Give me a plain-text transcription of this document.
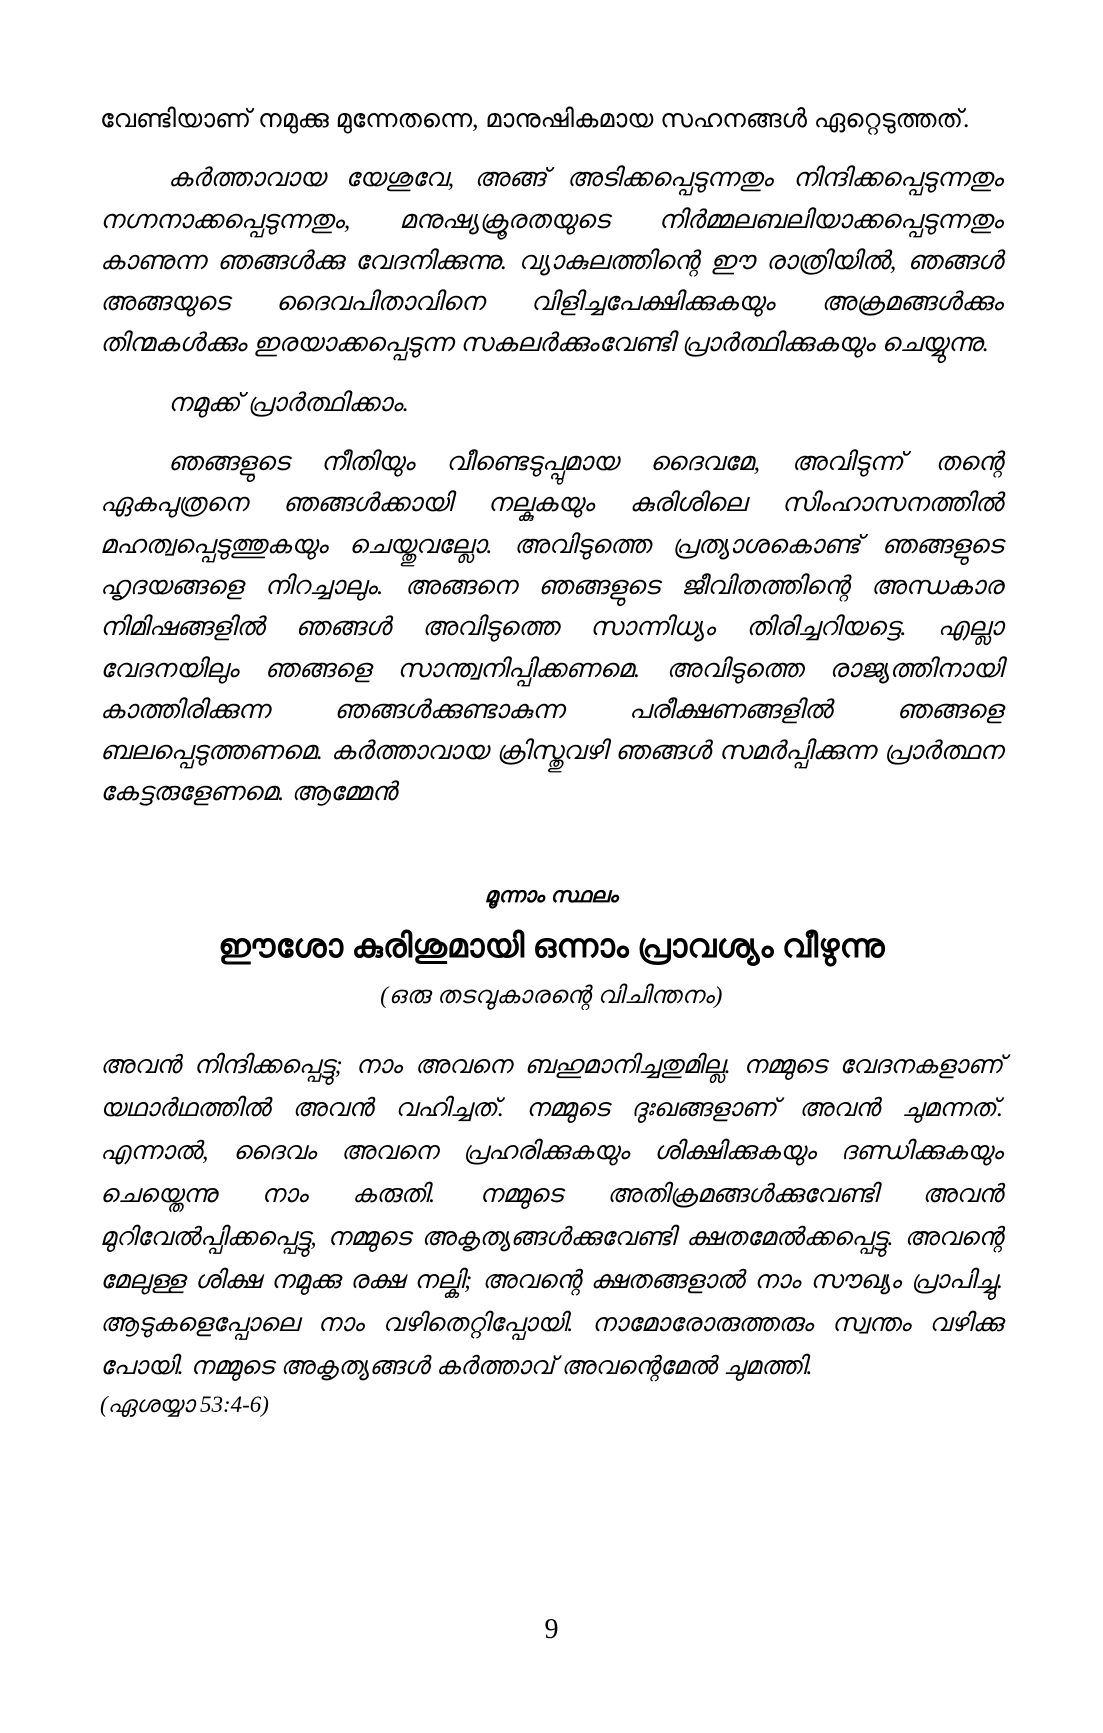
വേണ്ടിയാണ് നമുക്കു മുന്നേതന്നെ, മാനുഷികമായ സഹനങ്ങൾ ഏറ്റെടുത്തത്.

കർത്താവായ യേശുവേ, അങ്ങ് അടിക്കപ്പെടുന്നതും നിന്ദിക്കപ്പെടുന്നതും നഗ്നനാക്കപ്പെടുന്നതും, മനുഷ്യക്രൂരതയുടെ നിർമ്മലബലിയാക്കപ്പെടുന്നതും കാണുന്ന ഞങ്ങൾക്കു വേദനിക്കുന്നു. വ്യാകുലത്തിന്റെ ഈ രാത്രിയിൽ, ഞങ്ങൾ അങ്ങയുടെ ദൈവപിതാവിനെ വിളിച്ചപേക്ഷിക്കുകയും അക്രമങ്ങൾക്കും തിന്മകൾക്കും ഇരയാക്കപ്പെടുന്ന സകലർക്കുംവേണ്ടി പ്രാർത്ഥിക്കുകയും ചെയ്യുന്നു.

നമുക്ക് പ്രാർത്ഥിക്കാം.

ഞങ്ങളുടെ നീതിയും വീണ്ടെടുപ്പുമായ ദൈവമേ, അവിടുന്ന് തന്റെ ഏകപുത്രനെ ഞങ്ങൾക്കായി നല്കുകയും കുരിശിലെ സിംഹാസനത്തിൽ മഹത്വപ്പെടുത്തുകയും ചെയ്തുവല്ലോ. അവിടുത്തെ പ്രത്യാശകൊണ്ട് ഞങ്ങളുടെ ഹൃദയങ്ങളെ നിറച്ചാലും. അങ്ങനെ ഞങ്ങളുടെ ജീവിതത്തിന്റെ അന്ധകാര നിമിഷങ്ങളിൽ ഞങ്ങൾ അവിടുത്തെ സാന്നിധ്യം തിരിച്ചറിയട്ടെ. എല്ലാ വേദനയിലും ഞങ്ങളെ സാന്ത്വനിപ്പിക്കണമെ. അവിടുത്തെ രാജ്യത്തിനായി കാത്തിരിക്കുന്ന ഞങ്ങൾക്കുണ്ടാകുന്ന പരീക്ഷണങ്ങളിൽ ഞങ്ങളെ ബലപ്പെടുത്തണമെ. കർത്താവായ ക്രിസ്തുവഴി ഞങ്ങൾ സമർപ്പിക്കുന്ന പ്രാർത്ഥന കേട്ടരുളേണമെ. ആമ്മേൻ

മൂന്നാം സ്ഥലം
ഈശോ കുരിശുമായി ഒന്നാം പ്രാവശ്യം വീഴുന്നു
(ഒരു തടവുകാരന്റെ വിചിന്തനം)

അവൻ നിന്ദിക്കപ്പെട്ടു; നാം അവനെ ബഹുമാനിച്ചതുമില്ല. നമ്മുടെ വേദനകളാണ് യഥാർഥത്തിൽ അവൻ വഹിച്ചത്. നമ്മുടെ ദുഃഖങ്ങളാണ് അവൻ ചുമന്നത്. എന്നാൽ, ദൈവം അവനെ പ്രഹരിക്കുകയും ശിക്ഷിക്കുകയും ദണ്ഡിക്കുകയും ചെയ്തെന്നു നാം കരുതി. നമ്മുടെ അതിക്രമങ്ങൾക്കുവേണ്ടി അവൻ മുറിവേൽപ്പിക്കപ്പെട്ടു, നമ്മുടെ അകൃത്യങ്ങൾക്കുവേണ്ടി ക്ഷതമേൽക്കപ്പെട്ടു. അവന്റെ മേലുള്ള ശിക്ഷ നമുക്കു രക്ഷ നല്കി; അവന്റെ ക്ഷതങ്ങളാൽ നാം സൗഖ്യം പ്രാപിച്ചു. ആടുകളെപ്പോലെ നാം വഴിതെറ്റിപ്പോയി. നാമോരോരുത്തരും സ്വന്തം വഴിക്കു പോയി. നമ്മുടെ അകൃത്യങ്ങൾ കർത്താവ് അവന്റെമേൽ ചുമത്തി.

(ഏശയ്യാ 53:4-6)

9
